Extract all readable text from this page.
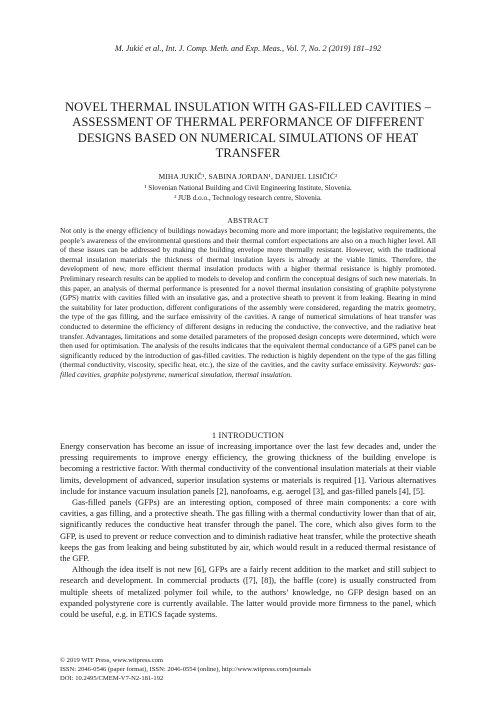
M. Jukić et al., Int. J. Comp. Meth. and Exp. Meas., Vol. 7, No. 2 (2019) 181–192
NOVEL THERMAL INSULATION WITH GAS-FILLED CAVITIES – ASSESSMENT OF THERMAL PERFORMANCE OF DIFFERENT DESIGNS BASED ON NUMERICAL SIMULATIONS OF HEAT TRANSFER
MIHA JUKIČ¹, SABINA JORDAN¹, DANIJEL LISIČIĆ²
¹ Slovenian National Building and Civil Engineering Institute, Slovenia.
² JUB d.o.o., Technology research centre, Slovenia.
ABSTRACT

Not only is the energy efficiency of buildings nowadays becoming more and more important; the legislative requirements, the people’s awareness of the environmental questions and their thermal comfort expectations are also on a much higher level. All of these issues can be addressed by making the building envelope more thermally resistant. However, with the traditional thermal insulation materials the thickness of thermal insulation layers is already at the viable limits. Therefore, the development of new, more efficient thermal insulation products with a higher thermal resistance is highly promoted. Preliminary research results can be applied to models to develop and confirm the conceptual designs of such new materials. In this paper, an analysis of thermal performance is presented for a novel thermal insulation consisting of graphite polystyrene (GPS) matrix with cavities filled with an insulative gas, and a protective sheath to prevent it from leaking. Bearing in mind the suitability for later production, different configurations of the assembly were considered, regarding the matrix geometry, the type of the gas filling, and the surface emissivity of the cavities. A range of numerical simulations of heat transfer was conducted to determine the efficiency of different designs in reducing the conductive, the convective, and the radiative heat transfer. Advantages, limitations and some detailed parameters of the proposed design concepts were determined, which were then used for optimisation. The analysis of the results indicates that the equivalent thermal conductance of a GPS panel can be significantly reduced by the introduction of gas-filled cavities. The reduction is highly dependent on the type of the gas filling (thermal conductivity, viscosity, specific heat, etc.), the size of the cavities, and the cavity surface emissivity. Keywords: gas-filled cavities, graphite polystyrene, numerical simulation, thermal insulation.

1 INTRODUCTION

Energy conservation has become an issue of increasing importance over the last few decades and, under the pressing requirements to improve energy efficiency, the growing thickness of the building envelope is becoming a restrictive factor. With thermal conductivity of the conventional insulation materials at their viable limits, development of advanced, superior insulation systems or materials is required [1]. Various alternatives include for instance vacuum insulation panels [2], nanofoams, e.g. aerogel [3], and gas-filled panels [4], [5].

Gas-filled panels (GFPs) are an interesting option, composed of three main components: a core with cavities, a gas filling, and a protective sheath. The gas filling with a thermal conductivity lower than that of air, significantly reduces the conductive heat transfer through the panel. The core, which also gives form to the GFP, is used to prevent or reduce convection and to diminish radiative heat transfer, while the protective sheath keeps the gas from leaking and being substituted by air, which would result in a reduced thermal resistance of the GFP.

Although the idea itself is not new [6], GFPs are a fairly recent addition to the market and still subject to research and development. In commercial products ([7], [8]), the baffle (core) is usually constructed from multiple sheets of metalized polymer foil while, to the authors’ knowledge, no GFP design based on an expanded polystyrene core is currently available. The latter would provide more firmness to the panel, which could be useful, e.g. in ETICS façade systems.

© 2019 WIT Press, www.witpress.com
ISSN: 2046-0546 (paper format), ISSN: 2046-0554 (online), http://www.witpress.com/journals
DOI: 10.2495/CMEM-V7-N2-181-192
